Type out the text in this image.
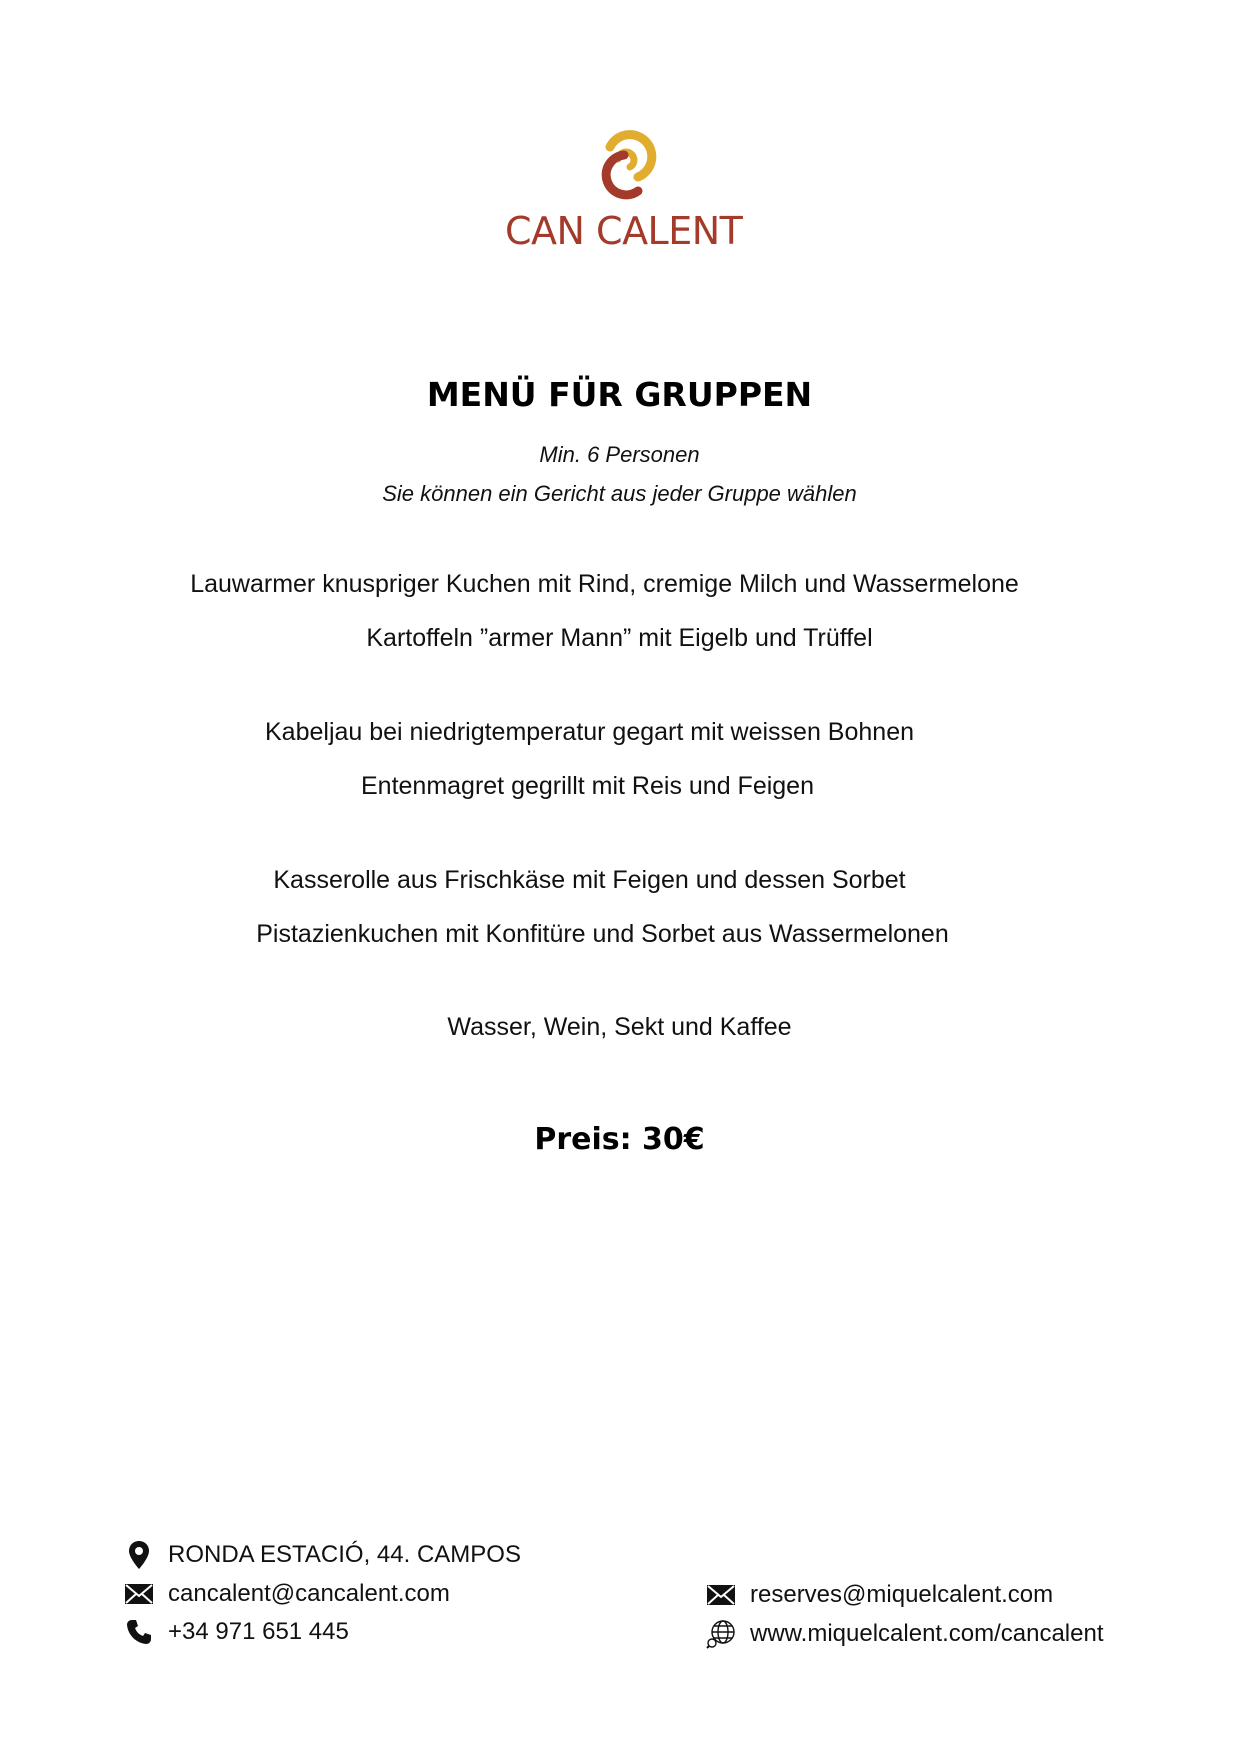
CAN CALENT
MENÜ FÜR GRUPPEN
Min. 6 Personen
Sie können ein Gericht aus jeder Gruppe wählen
Lauwarmer knuspriger Kuchen mit Rind, cremige Milch und Wassermelone
Kartoffeln ”armer Mann” mit Eigelb und Trüffel
Kabeljau bei niedrigtemperatur gegart mit weissen Bohnen
Entenmagret gegrillt mit Reis und Feigen
Kasserolle aus Frischkäse mit Feigen und dessen Sorbet
Pistazienkuchen mit Konfitüre und Sorbet aus Wassermelonen
Wasser, Wein, Sekt und Kaffee
Preis: 30€
RONDA ESTACIÓ, 44. CAMPOS
cancalent@cancalent.com
+34 971 651 445
reserves@miquelcalent.com
www.miquelcalent.com/cancalent
